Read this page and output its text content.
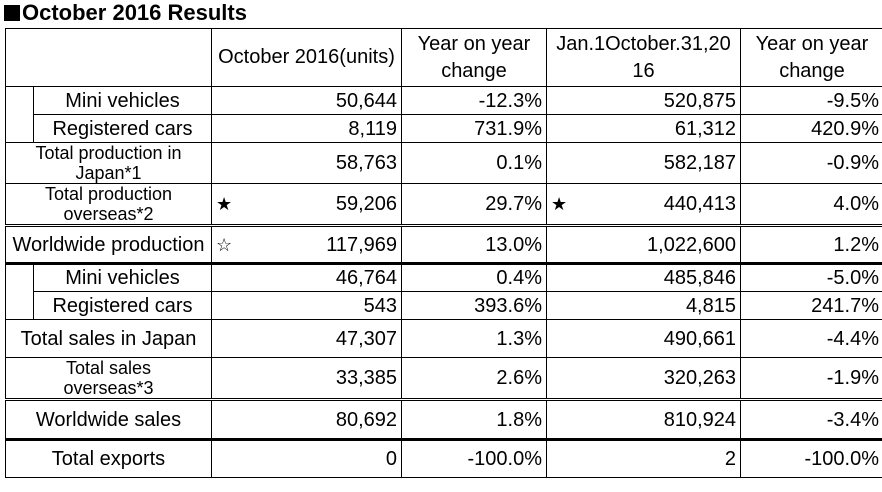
October 2016 Results
		October 2016(units)	Year on year change	Jan.1October.31,2016	Year on year change
	Mini vehicles	50,644	-12.3%	520,875	-9.5%
	Registered cars	8,119	731.9%	61,312	420.9%
Total production in Japan*1		58,763	0.1%	582,187	-0.9%

Total production overseas*2		★ 59,206	29.7%	★ 440,413	4.0%
Worldwide production		☆ 117,969	13.0%	1,022,600	1.2%
	Mini vehicles	46,764	0.4%	485,846	-5.0%
	Registered cars	543	393.6%	4,815	241.7%
Total sales in Japan		47,307	1.3%	490,661	-4.4%
Total sales overseas*3		33,385	2.6%	320,263	-1.9%
Worldwide sales		80,692	1.8%	810,924	-3.4%
Total exports		0	-100.0%	2	-100.0%
